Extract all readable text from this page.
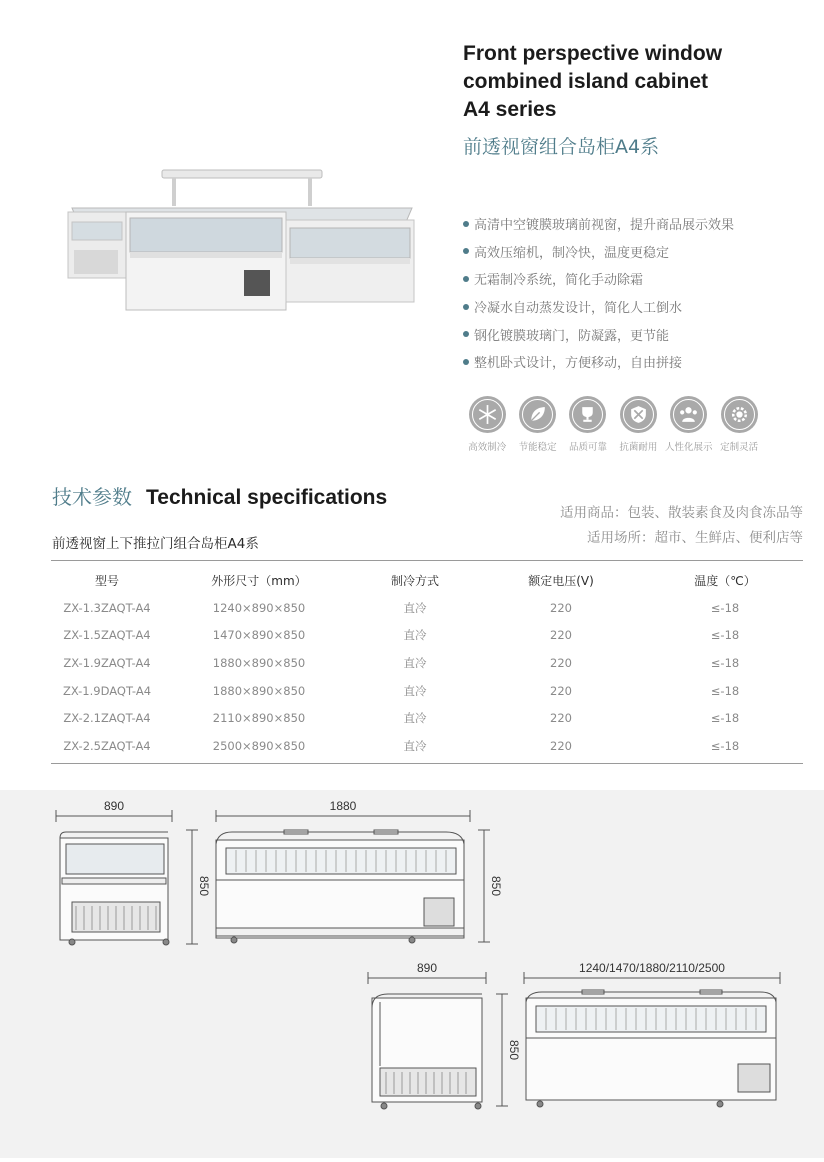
Front perspective window
combined island cabinet
A4 series
前透视窗组合岛柜A4系
高清中空镀膜玻璃前视窗，提升商品展示效果
高效压缩机，制冷快，温度更稳定
无霜制冷系统，简化手动除霜
冷凝水自动蒸发设计，简化人工倒水
钢化镀膜玻璃门，防凝露，更节能
整机卧式设计，方便移动，自由拼接
高效制冷 节能稳定 品质可靠 抗菌耐用 人性化展示 定制灵活
技术参数 Technical specifications
适用商品：包装、散装素食及肉食冻品等
适用场所：超市、生鲜店、便利店等
前透视窗上下推拉门组合岛柜A4系
型号	外形尺寸（mm）	制冷方式	额定电压(V)	温度（℃）
ZX-1.3ZAQT-A4	1240×890×850	直冷	220	≤-18
ZX-1.5ZAQT-A4	1470×890×850	直冷	220	≤-18
ZX-1.9ZAQT-A4	1880×890×850	直冷	220	≤-18
ZX-1.9DAQT-A4	1880×890×850	直冷	220	≤-18
ZX-2.1ZAQT-A4	2110×890×850	直冷	220	≤-18
ZX-2.5ZAQT-A4	2500×890×850	直冷	220	≤-18
890	1880
850	850
890	1240/1470/1880/2110/2500
850
